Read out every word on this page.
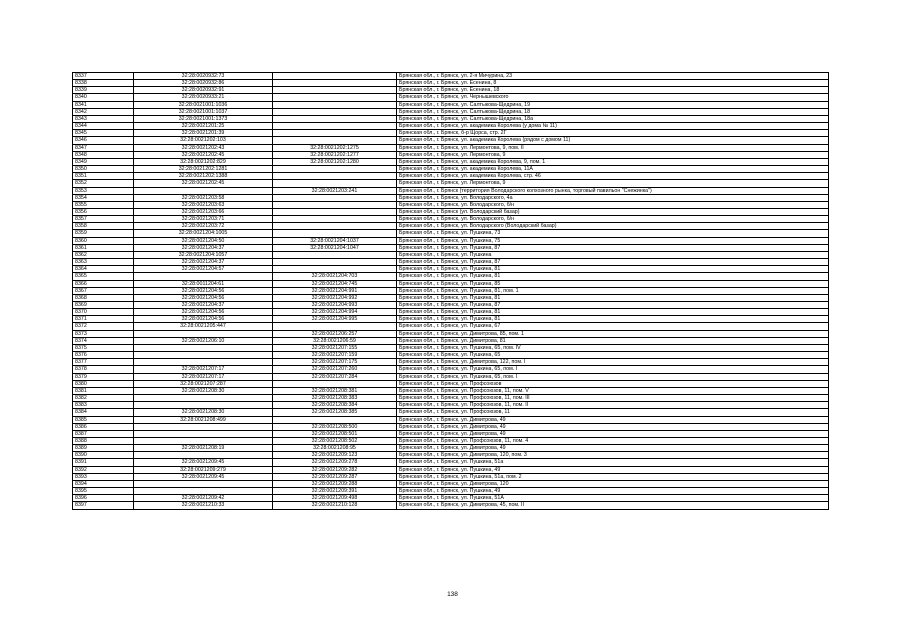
8337	32:28:0020932:73		Брянская обл., г. Брянск, ул. 2-я Мичурина, 23
8338	32:28:0020932:86		Брянская обл., г. Брянск, ул. Есенина, 8
8339	32:28:0020932:91		Брянская обл., г. Брянск, ул. Есенина, 18
8340	32:28:0020933:21		Брянская обл., г. Брянск, ул. Чернышевского
8341	32:28:0021001:1036		Брянская обл., г. Брянск, ул. Салтыкова-Щедрина, 19
8342	32:28:0021001:1037		Брянская обл., г. Брянск, ул. Салтыкова-Щедрина, 18
8343	32:28:0021001:1373		Брянская обл., г. Брянск, ул. Салтыкова-Щедрина, 18а
8344	32:28:0021201:25		Брянская обл., г. Брянск, ул. академика Королева (у дома № 11)
8345	32:28:0021201:39		Брянская обл., г. Брянск, б-р Щорса, стр. 2Г
8346	32:28:0021202:103		Брянская обл., г. Брянск, ул. академика Королева (рядом с домом 11)
8347	32:28:0021202:43	32:28:0021202:1275	Брянская обл., г. Брянск, ул. Лермонтова, 9, пом. II
8348	32:28:0021202:45	32:28:0021202:1277	Брянская обл., г. Брянск, ул. Лермонтова, 9
8349	32:28:0021202:829	32:28:0021202:1280	Брянская обл., г. Брянск, ул. академика Королева, 9, пом. 1
8350	32:28:0021202:1281		Брянская обл., г. Брянск, ул. академика Королева, 11А
8351	32:28:0021202:1388		Брянская обл., г. Брянск, ул. академика Королева, стр. 46
8352	32:28:0021202:45		Брянская обл., г. Брянск, ул. Лермонтова, 9
8353		32:28:0021203:241	Брянская обл., г. Брянск (территория Володарского колхозного рынка, торговый павильон "Снежинка")
8354	32:28:0021203:58		Брянская обл., г. Брянск, ул. Володарского, 4а
8355	32:28:0021203:63		Брянская обл., г. Брянск, ул. Володарского, б/н
8356	32:28:0021203:66		Брянская обл., г. Брянск (ул. Володарский базар)
8357	32:28:0021203:71		Брянская обл., г. Брянск, ул. Володарского, б/н
8358	32:28:0021203:72		Брянская обл., г. Брянск, ул. Володарского (Володарский базар)
8359	32:28:0021204:1005		Брянская обл., г. Брянск, ул. Пушкина, 73
8360	32:28:0021204:50	32:28:0021204:1037	Брянская обл., г. Брянск, ул. Пушкина, 75
8361	32:28:0021204:37	32:28:0021204:1047	Брянская обл., г. Брянск, ул. Пушкина, 87
8362	32:28:0021204:1057		Брянская обл., г. Брянск, ул. Пушкина
8363	32:28:0021204:37		Брянская обл., г. Брянск, ул. Пушкина, 87
8364	32:28:0021204:57		Брянская обл., г. Брянск, ул. Пушкина, 81
8365		32:28:0021204:703	Брянская обл., г. Брянск, ул. Пушкина, 81
8366	32:28:0011204:61	32:28:0021204:745	Брянская обл., г. Брянск, ул. Пушкина, 85
8367	32:28:0021204:56	32:28:0021204:991	Брянская обл., г. Брянск, ул. Пушкина, 81, пом. 1
8368	32:28:0021204:56	32:28:0021204:992	Брянская обл., г. Брянск, ул. Пушкина, 81
8369	32:28:0021204:37	32:28:0021204:993	Брянская обл., г. Брянск, ул. Пушкина, 87
8370	32:28:0021204:56	32:28:0021204:994	Брянская обл., г. Брянск, ул. Пушкина, 81
8371	32:28:0021204:56	32:28:0021204:995	Брянская обл., г. Брянск, ул. Пушкина, 81
8372	32:28:0021205:447		Брянская обл., г. Брянск, ул. Пушкина, 67
8373		32:28:0021206:257	Брянская обл., г. Брянск, ул. Димитрова, 85, пом. 1
8374	32:28:0021206:10	32:28:0021206:59	Брянская обл., г. Брянск, ул. Димитрова, 81
8375		32:28:0021207:155	Брянская обл., г. Брянск, ул. Пушкина, 65, пом. IV
8376		32:28:0021207:159	Брянская обл., г. Брянск, ул. Пушкина, 65
8377		32:28:0021207:175	Брянская обл., г. Брянск, ул. Димитрова, 122, пом. I
8378	32:28:0021207:17	32:28:0021207:260	Брянская обл., г. Брянск, ул. Пушкина, 65, пом. I
8379	32:28:0021207:17	32:28:0021207:284	Брянская обл., г. Брянск, ул. Пушкина, 65, пом. I
8380	32:28:0021207:287		Брянская обл., г. Брянск, ул. Профсоюзов
8381	32:28:0021208:30	32:28:0021208:381	Брянская обл., г. Брянск, ул. Профсоюзов, 11, пом. V
8382		32:28:0021208:383	Брянская обл., г. Брянск, ул. Профсоюзов, 11, пом. III
8383		32:28:0021208:384	Брянская обл., г. Брянск, ул. Профсоюзов, 11, пом. II
8384	32:28:0021208:30	32:28:0021208:385	Брянская обл., г. Брянск, ул. Профсоюзов, 11
8385	32:28:0021208:499		Брянская обл., г. Брянск, ул. Димитрова, 49
8386		32:28:0021208:500	Брянская обл., г. Брянск, ул. Димитрова, 49
8387		32:28:0021208:501	Брянская обл., г. Брянск, ул. Димитрова, 49
8388		32:28:0021208:502	Брянская обл., г. Брянск, ул. Профсоюзов, 11, пом. 4
8389	32:28:0021208:19	32:28:0021208:95	Брянская обл., г. Брянск, ул. Димитрова, 49
8390		32:28:0021209:123	Брянская обл., г. Брянск, ул. Димитрова, 120, пом. 3
8391	32:28:0021209:45	32:28:0021209:278	Брянская обл., г. Брянск, ул. Пушкина, 51а
8392	32:28:0021209:279	32:28:0021209:282	Брянская обл., г. Брянск, ул. Пушкина, 49
8393	32:28:0021209:45	32:28:0021209:287	Брянская обл., г. Брянск, ул. Пушкина, 51а, пом. 2
8394		32:28:0021209:288	Брянская обл., г. Брянск, ул. Димитрова, 120
8395		32:28:0021209:391	Брянская обл., г. Брянск, ул. Пушкина, 49
8396	32:28:0021209:42	32:28:0021209:498	Брянская обл., г. Брянск, ул. Пушкина, 51А
8397	32:28:0021210:33	32:28:0021210:128	Брянская обл., г. Брянск, ул. Димитрова, 45, пом. II
138
